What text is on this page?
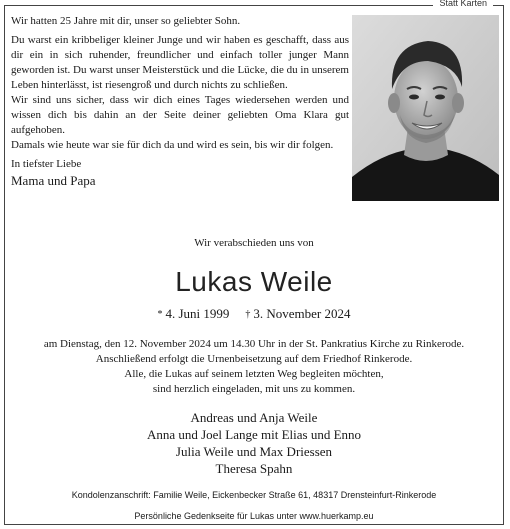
Statt Karten

Wir hatten 25 Jahre mit dir, unser so geliebter Sohn.

Du warst ein kribbeliger kleiner Junge und wir haben es geschafft, dass aus dir ein in sich ruhender, freundlicher und einfach toller junger Mann geworden ist. Du warst unser Meisterstück und die Lücke, die du in unserem Leben hinterlässt, ist riesengroß und durch nichts zu schließen.

Wir sind uns sicher, dass wir dich eines Tages wiedersehen werden und wissen dich bis dahin an der Seite deiner geliebten Oma Klara gut aufgehoben.

Damals wie heute war sie für dich da und wird es sein, bis wir dir folgen.

In tiefster Liebe

Mama und Papa

Wir verabschieden uns von
Lukas Weile
* 4. Juni 1999 † 3. November 2024
am Dienstag, den 12. November 2024 um 14.30 Uhr in der St. Pankratius Kirche zu Rinkerode.
Anschließend erfolgt die Urnenbeisetzung auf dem Friedhof Rinkerode.
Alle, die Lukas auf seinem letzten Weg begleiten möchten,
sind herzlich eingeladen, mit uns zu kommen.
Andreas und Anja Weile
Anna und Joel Lange mit Elias und Enno
Julia Weile und Max Driessen
Theresa Spahn
Kondolenzanschrift: Familie Weile, Eickenbecker Straße 61, 48317 Drensteinfurt-Rinkerode
Persönliche Gedenkseite für Lukas unter www.huerkamp.eu
